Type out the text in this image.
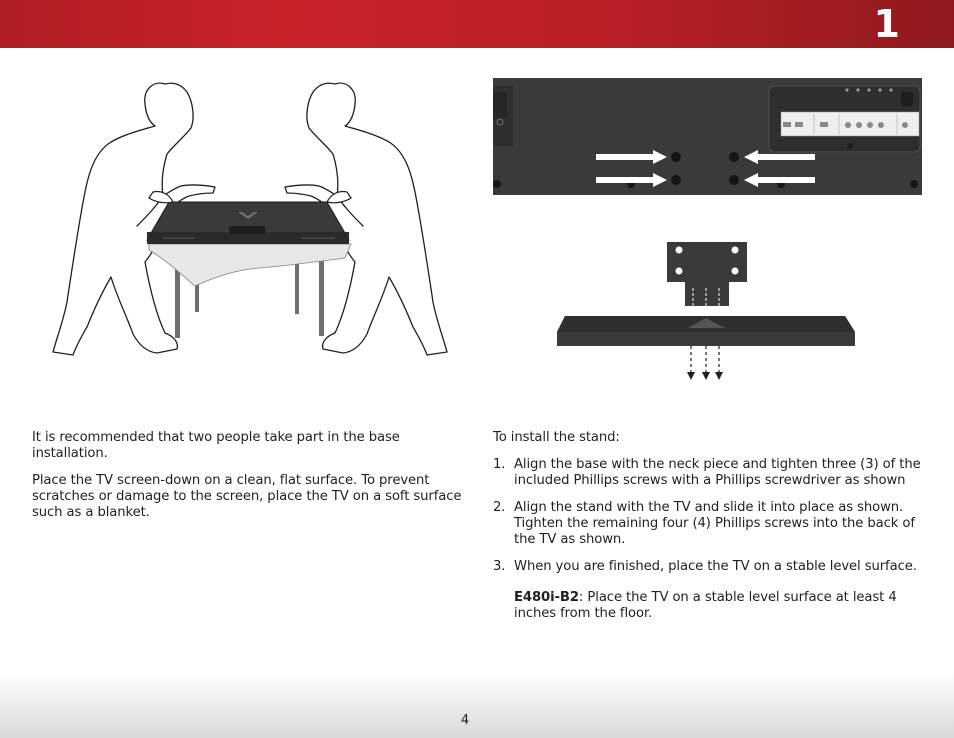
1

It is recommended that two people take part in the base installation.

Place the TV screen-down on a clean, flat surface. To prevent scratches or damage to the screen, place the TV on a soft surface such as a blanket.

To install the stand:

1. Align the base with the neck piece and tighten three (3) of the included Phillips screws with a Phillips screwdriver as shown
2. Align the stand with the TV and slide it into place as shown. Tighten the remaining four (4) Phillips screws into the back of the TV as shown.
3. When you are finished, place the TV on a stable level surface.
E480i-B2: Place the TV on a stable level surface at least 4 inches from the floor.
4
